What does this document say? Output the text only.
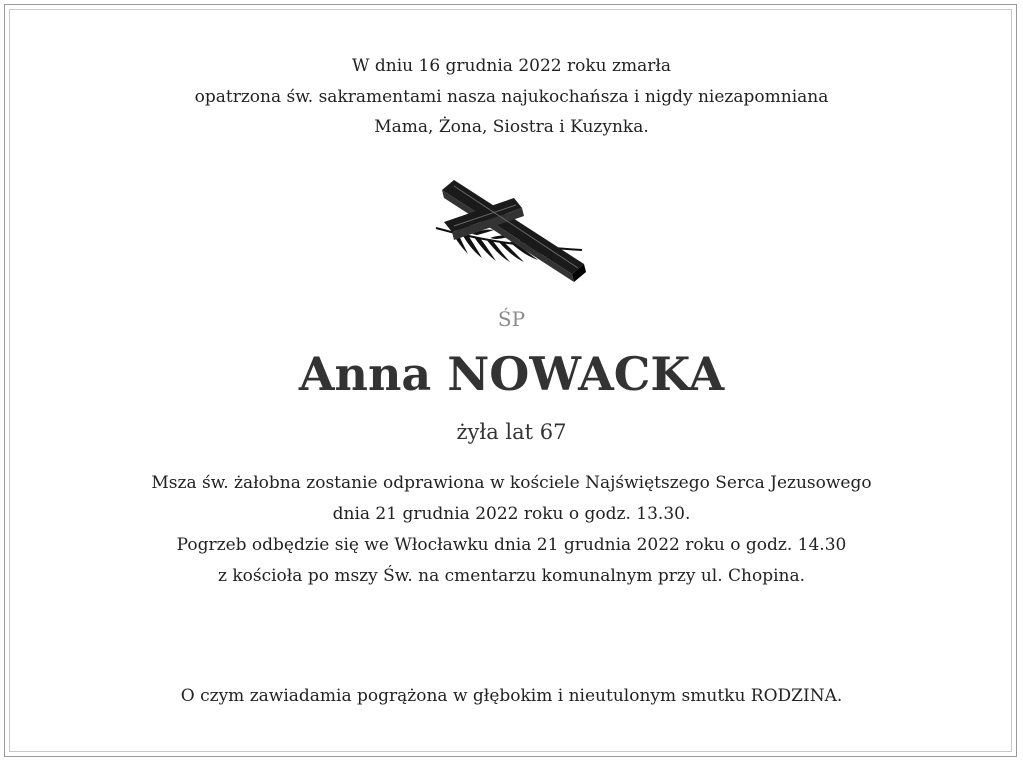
W dniu 16 grudnia 2022 roku zmarła
opatrzona św. sakramentami nasza najukochańsza i nigdy niezapomniana
Mama, Żona, Siostra i Kuzynka.
ŚP
Anna NOWACKA
żyła lat 67
Msza św. żałobna zostanie odprawiona w kościele Najświętszego Serca Jezusowego
dnia 21 grudnia 2022 roku o godz. 13.30.
Pogrzeb odbędzie się we Włocławku dnia 21 grudnia 2022 roku o godz. 14.30
z kościoła po mszy Św. na cmentarzu komunalnym przy ul. Chopina.
O czym zawiadamia pogrążona w głębokim i nieutulonym smutku RODZINA.
